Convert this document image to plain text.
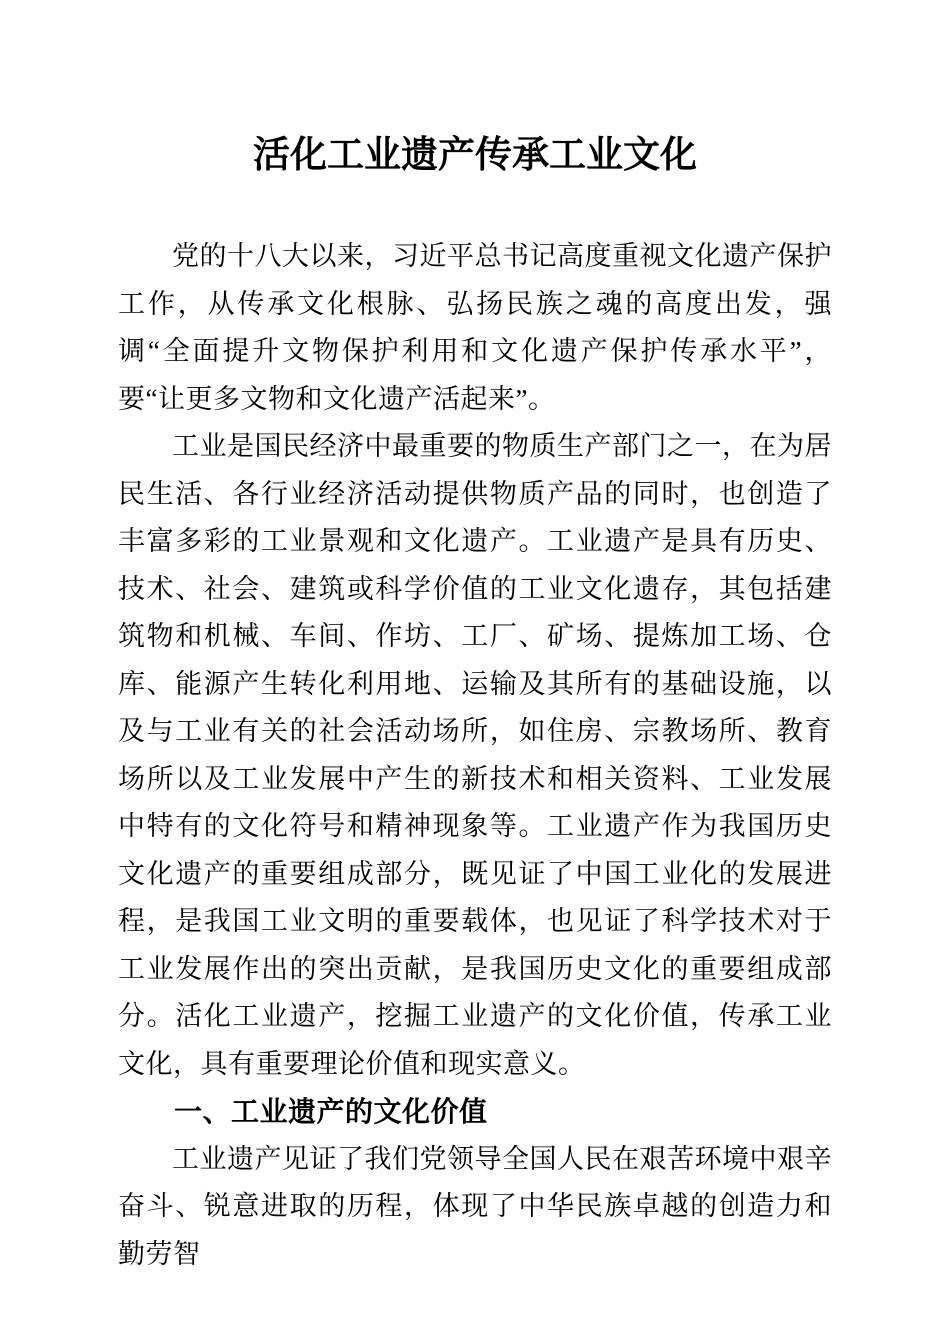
活化工业遗产传承工业文化

党的十八大以来，习近平总书记高度重视文化遗产保护工作，从传承文化根脉、弘扬民族之魂的高度出发，强调“全面提升文物保护利用和文化遗产保护传承水平”，要“让更多文物和文化遗产活起来”。

工业是国民经济中最重要的物质生产部门之一，在为居民生活、各行业经济活动提供物质产品的同时，也创造了丰富多彩的工业景观和文化遗产。工业遗产是具有历史、技术、社会、建筑或科学价值的工业文化遗存，其包括建筑物和机械、车间、作坊、工厂、矿场、提炼加工场、仓库、能源产生转化利用地、运输及其所有的基础设施，以及与工业有关的社会活动场所，如住房、宗教场所、教育场所以及工业发展中产生的新技术和相关资料、工业发展中特有的文化符号和精神现象等。工业遗产作为我国历史文化遗产的重要组成部分，既见证了中国工业化的发展进程，是我国工业文明的重要载体，也见证了科学技术对于工业发展作出的突出贡献，是我国历史文化的重要组成部分。活化工业遗产，挖掘工业遗产的文化价值，传承工业文化，具有重要理论价值和现实意义。

一、工业遗产的文化价值

工业遗产见证了我们党领导全国人民在艰苦环境中艰辛奋斗、锐意进取的历程，体现了中华民族卓越的创造力和勤劳智
